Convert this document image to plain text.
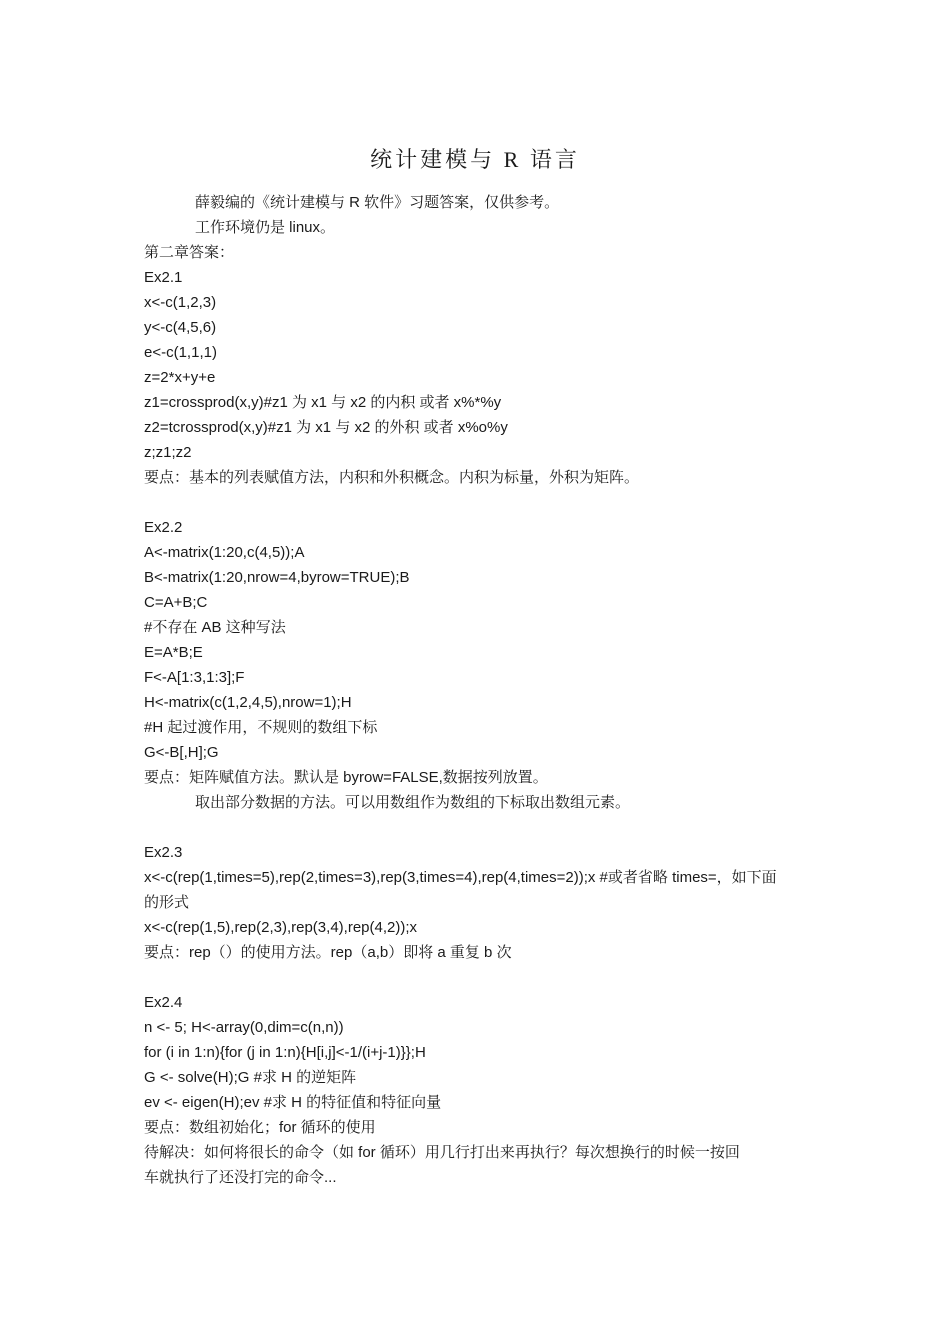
统计建模与 R 语言
薛毅编的《统计建模与 R 软件》习题答案，仅供参考。
工作环境仍是 linux。
第二章答案：
Ex2.1
x<-c(1,2,3)
y<-c(4,5,6)
e<-c(1,1,1)
z=2*x+y+e
z1=crossprod(x,y)#z1 为 x1 与 x2 的内积 或者 x%*%y
z2=tcrossprod(x,y)#z1 为 x1 与 x2 的外积 或者 x%o%y
z;z1;z2
要点：基本的列表赋值方法，内积和外积概念。内积为标量，外积为矩阵。
Ex2.2
A<-matrix(1:20,c(4,5));A
B<-matrix(1:20,nrow=4,byrow=TRUE);B
C=A+B;C
#不存在 AB 这种写法
E=A*B;E
F<-A[1:3,1:3];F
H<-matrix(c(1,2,4,5),nrow=1);H
#H 起过渡作用，不规则的数组下标
G<-B[,H];G
要点：矩阵赋值方法。默认是 byrow=FALSE,数据按列放置。
取出部分数据的方法。可以用数组作为数组的下标取出数组元素。
Ex2.3
x<-c(rep(1,times=5),rep(2,times=3),rep(3,times=4),rep(4,times=2));x #或者省略 times=，如下面
的形式
x<-c(rep(1,5),rep(2,3),rep(3,4),rep(4,2));x
要点：rep（）的使用方法。rep（a,b）即将 a 重复 b 次
Ex2.4
n <- 5; H<-array(0,dim=c(n,n))
for (i in 1:n){for (j in 1:n){H[i,j]<-1/(i+j-1)}};H
G <- solve(H);G #求 H 的逆矩阵
ev <- eigen(H);ev #求 H 的特征值和特征向量
要点：数组初始化；for 循环的使用
待解决：如何将很长的命令（如 for 循环）用几行打出来再执行？每次想换行的时候一按回
车就执行了还没打完的命令...
